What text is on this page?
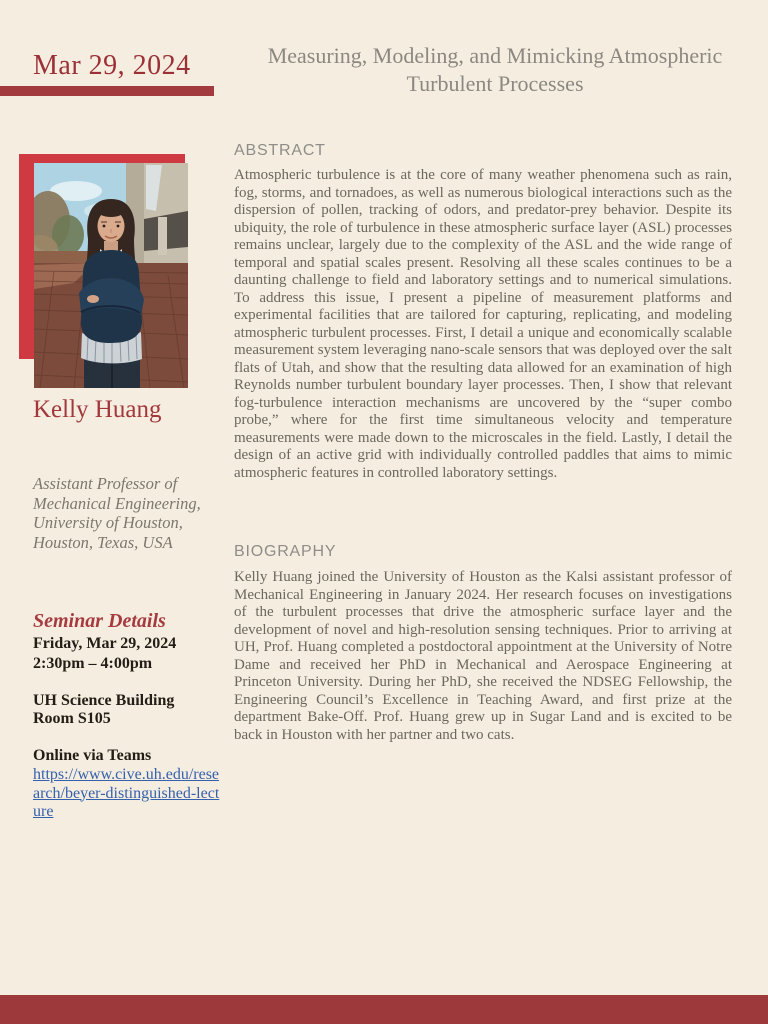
Mar 29, 2024	Measuring, Modeling, and Mimicking Atmospheric Turbulent Processes
Kelly Huang
Assistant Professor of Mechanical Engineering, University of Houston, Houston, Texas, USA
Seminar Details
Friday, Mar 29, 2024
2:30pm – 4:00pm
UH Science Building
Room S105
Online via Teams
https://www.cive.uh.edu/research/beyer-distinguished-lecture
ABSTRACT
Atmospheric turbulence is at the core of many weather phenomena such as rain, fog, storms, and tornadoes, as well as numerous biological interactions such as the dispersion of pollen, tracking of odors, and predator-prey behavior. Despite its ubiquity, the role of turbulence in these atmospheric surface layer (ASL) processes remains unclear, largely due to the complexity of the ASL and the wide range of temporal and spatial scales present. Resolving all these scales continues to be a daunting challenge to field and laboratory settings and to numerical simulations. To address this issue, I present a pipeline of measurement platforms and experimental facilities that are tailored for capturing, replicating, and modeling atmospheric turbulent processes. First, I detail a unique and economically scalable measurement system leveraging nano-scale sensors that was deployed over the salt flats of Utah, and show that the resulting data allowed for an examination of high Reynolds number turbulent boundary layer processes. Then, I show that relevant fog-turbulence interaction mechanisms are uncovered by the “super combo probe,” where for the first time simultaneous velocity and temperature measurements were made down to the microscales in the field. Lastly, I detail the design of an active grid with individually controlled paddles that aims to mimic atmospheric features in controlled laboratory settings.
BIOGRAPHY
Kelly Huang joined the University of Houston as the Kalsi assistant professor of Mechanical Engineering in January 2024. Her research focuses on investigations of the turbulent processes that drive the atmospheric surface layer and the development of novel and high-resolution sensing techniques. Prior to arriving at UH, Prof. Huang completed a postdoctoral appointment at the University of Notre Dame and received her PhD in Mechanical and Aerospace Engineering at Princeton University. During her PhD, she received the NDSEG Fellowship, the Engineering Council’s Excellence in Teaching Award, and first prize at the department Bake-Off. Prof. Huang grew up in Sugar Land and is excited to be back in Houston with her partner and two cats.
